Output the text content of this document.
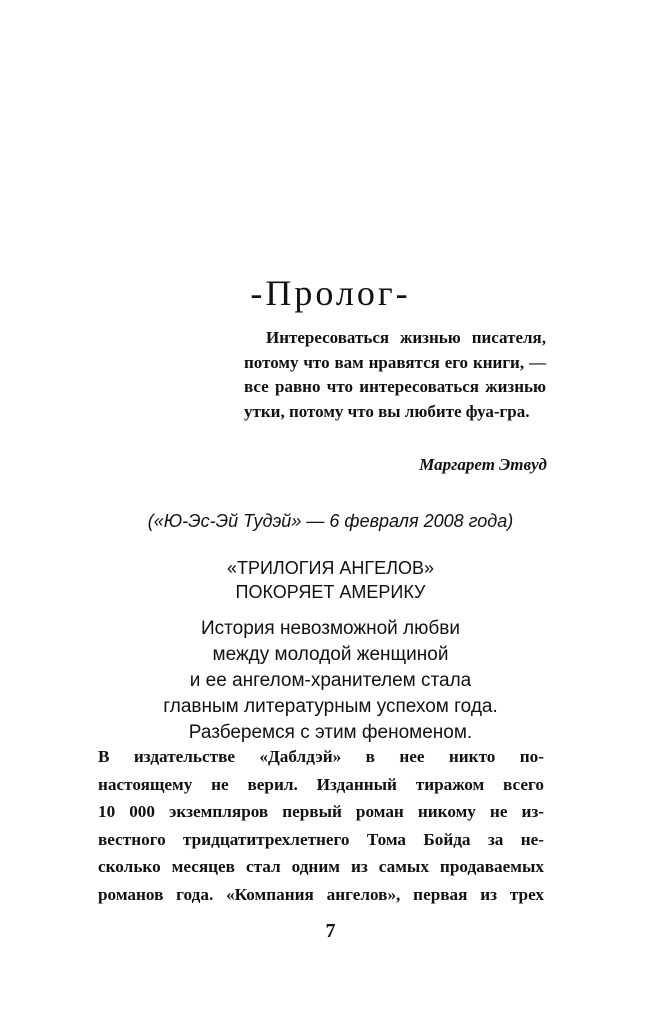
-Пролог-

Интересоваться жизнью писателя, потому что вам нравятся его книги, — все равно что интересоваться жизнью утки, потому что вы любите фуа-гра.

Маргарет Этвуд

(«Ю-Эс-Эй Тудэй» — 6 февраля 2008 года)

«ТРИЛОГИЯ АНГЕЛОВ»
ПОКОРЯЕТ АМЕРИКУ
История невозможной любви
между молодой женщиной
и ее ангелом-хранителем стала
главным литературным успехом года.
Разберемся с этим феноменом.
В издательстве «Даблдэй» в нее никто по-
настоящему не верил. Изданный тиражом всего
10 000 экземпляров первый роман никому не из-
вестного тридцатитрехлетнего Тома Бойда за не-
сколько месяцев стал одним из самых продаваемых
романов года. «Компания ангелов», первая из трех

7
